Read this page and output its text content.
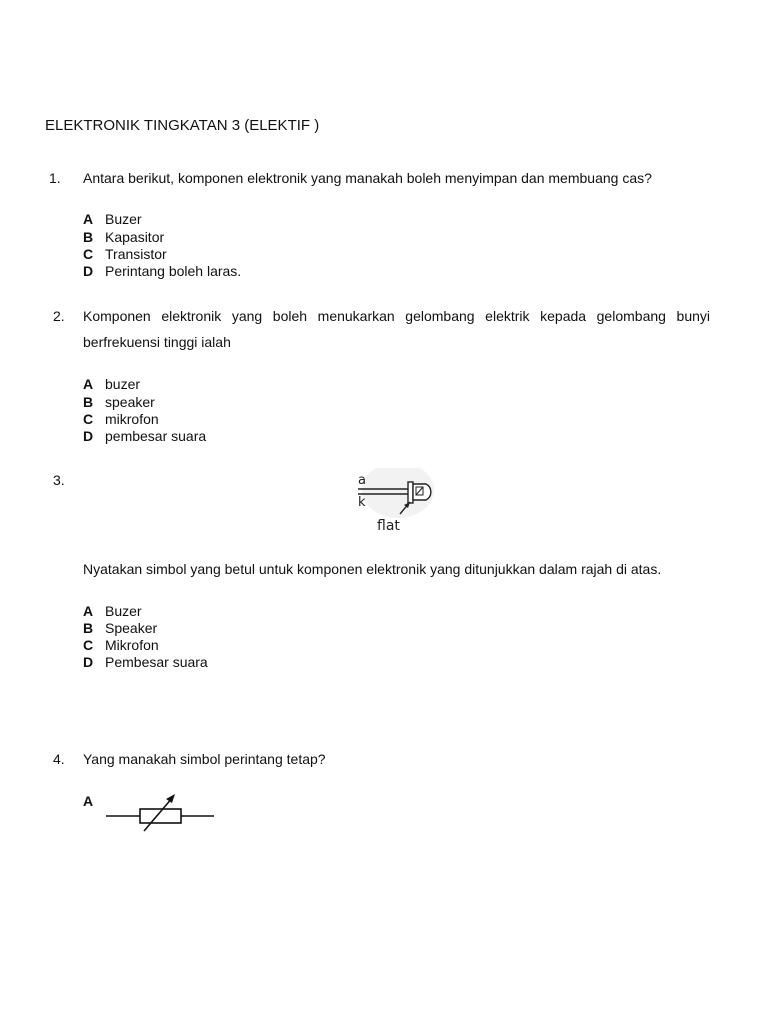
ELEKTRONIK TINGKATAN 3 (ELEKTIF )
1. Antara berikut, komponen elektronik yang manakah boleh menyimpan dan membuang cas?
A Buzer
B Kapasitor
C Transistor
D Perintang boleh laras.
2. Komponen elektronik yang boleh menukarkan gelombang elektrik kepada gelombang bunyi
berfrekuensi tinggi ialah
A buzer
B speaker
C mikrofon
D pembesar suara
3.	a
k
flat
Nyatakan simbol yang betul untuk komponen elektronik yang ditunjukkan dalam rajah di atas.
A Buzer
B Speaker
C Mikrofon
D Pembesar suara
4. Yang manakah simbol perintang tetap?
A
